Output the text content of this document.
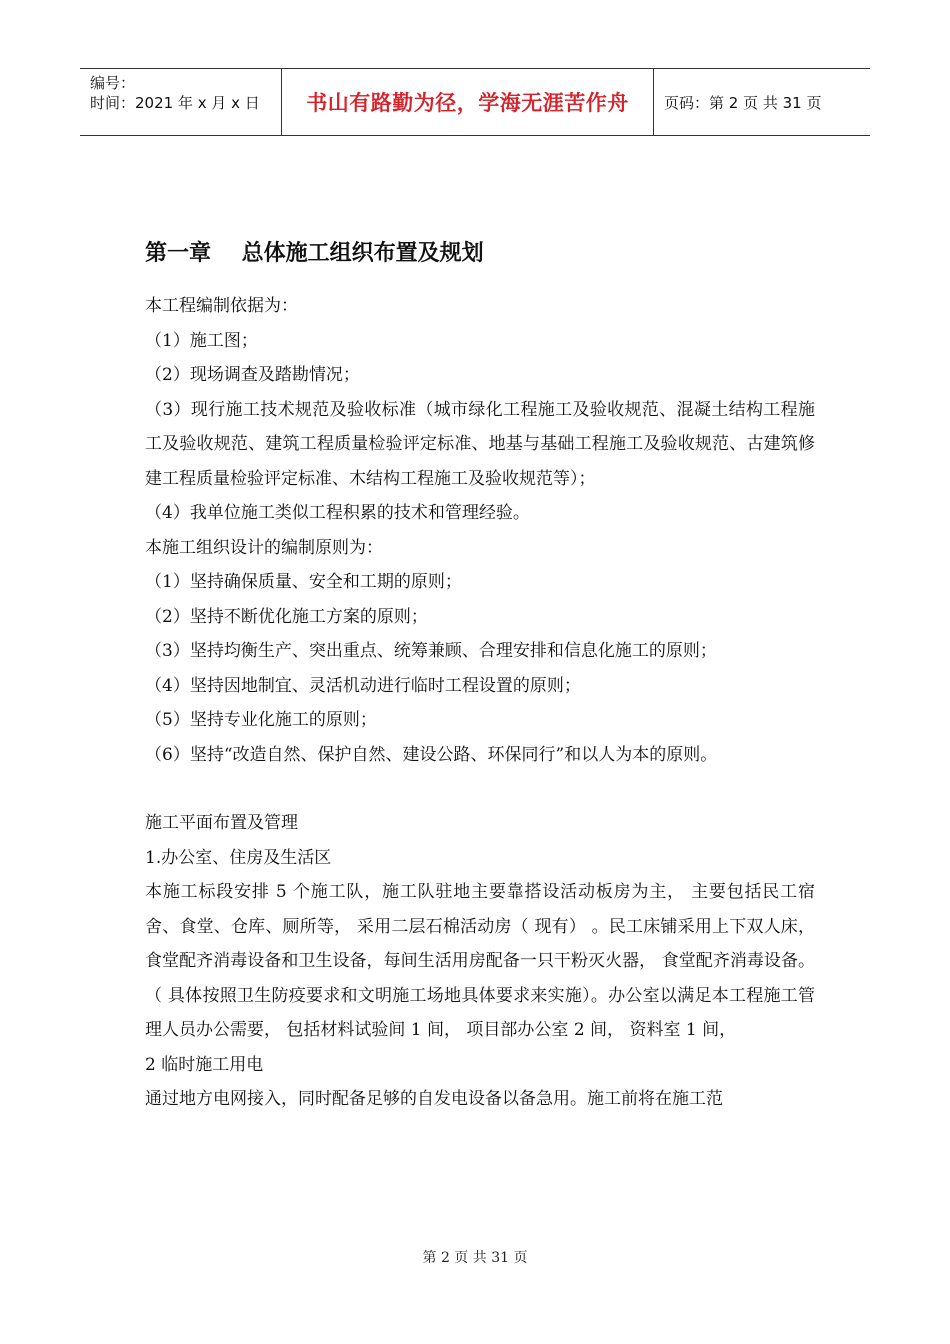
编号：
时间：2021 年 x 月 x 日	书山有路勤为径，学海无涯苦作舟	页码：第 2 页 共 31 页
第一章    总体施工组织布置及规划

本工程编制依据为：

（1）施工图；

（2）现场调查及踏勘情况；

（3）现行施工技术规范及验收标准（城市绿化工程施工及验收规范、混凝土结构工程施工及验收规范、建筑工程质量检验评定标准、地基与基础工程施工及验收规范、古建筑修建工程质量检验评定标准、木结构工程施工及验收规范等）；

（4）我单位施工类似工程积累的技术和管理经验。

本施工组织设计的编制原则为：

（1）坚持确保质量、安全和工期的原则；

（2）坚持不断优化施工方案的原则；

（3）坚持均衡生产、突出重点、统筹兼顾、合理安排和信息化施工的原则；

（4）坚持因地制宜、灵活机动进行临时工程设置的原则；

（5）坚持专业化施工的原则；

（6）坚持“改造自然、保护自然、建设公路、环保同行”和以人为本的原则。

施工平面布置及管理

1.办公室、住房及生活区

本施工标段安排 5 个施工队，施工队驻地主要靠搭设活动板房为主， 主要包括民工宿舍、食堂、仓库、厕所等， 采用二层石棉活动房（ 现有） 。民工床铺采用上下双人床， 食堂配齐消毒设备和卫生设备，每间生活用房配备一只干粉灭火器， 食堂配齐消毒设备。（ 具体按照卫生防疫要求和文明施工场地具体要求来实施）。办公室以满足本工程施工管理人员办公需要， 包括材料试验间 1 间， 项目部办公室 2 间， 资料室 1 间，

2 临时施工用电

通过地方电网接入，同时配备足够的自发电设备以备急用。施工前将在施工范

第 2 页 共 31 页
